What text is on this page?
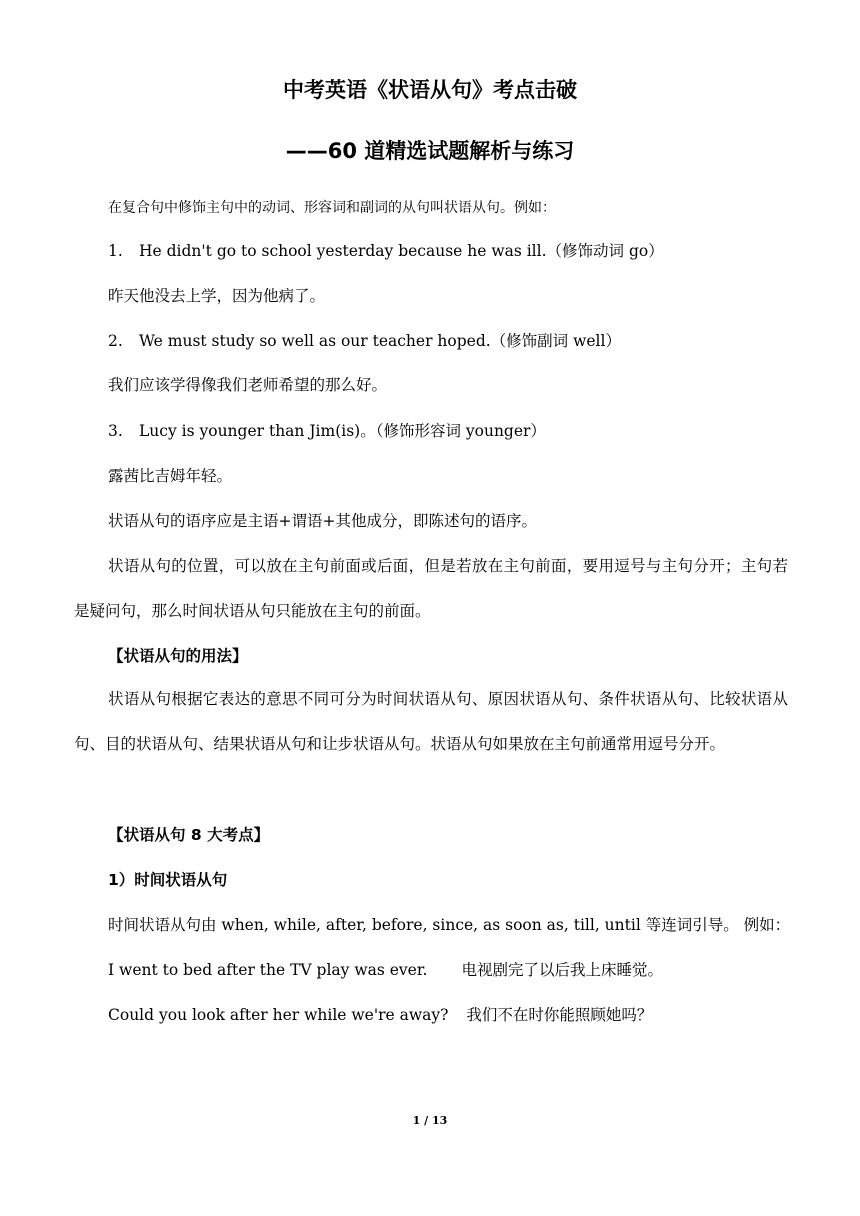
中考英语《状语从句》考点击破
——60 道精选试题解析与练习

在复合句中修饰主句中的动词、形容词和副词的从句叫状语从句。例如：

1. He didn't go to school yesterday because he was ill.（修饰动词 go）

昨天他没去上学，因为他病了。

2. We must study so well as our teacher hoped.（修饰副词 well）

我们应该学得像我们老师希望的那么好。

3. Lucy is younger than Jim(is)。（修饰形容词 younger）

露茜比吉姆年轻。

状语从句的语序应是主语+谓语+其他成分，即陈述句的语序。

状语从句的位置，可以放在主句前面或后面，但是若放在主句前面，要用逗号与主句分开；主句若是疑问句，那么时间状语从句只能放在主句的前面。

【状语从句的用法】

状语从句根据它表达的意思不同可分为时间状语从句、原因状语从句、条件状语从句、比较状语从句、目的状语从句、结果状语从句和让步状语从句。状语从句如果放在主句前通常用逗号分开。

【状语从句 8 大考点】

1）时间状语从句

时间状语从句由 when, while, after, before, since, as soon as, till, until 等连词引导。 例如：

I went to bed after the TV play was ever. 电视剧完了以后我上床睡觉。

Could you look after her while we're away? 我们不在时你能照顾她吗？

1 / 13
